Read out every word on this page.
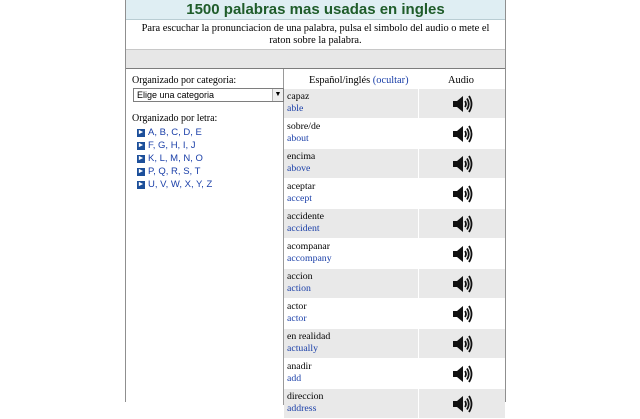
1500 palabras mas usadas en ingles
Para escuchar la pronunciacion de una palabra, pulsa el simbolo del audio o mete el raton sobre la palabra.
Organizado por categoria:
Elige una categoria	▼
Organizado por letra:
► A, B, C, D, E
► F, G, H, I, J
► K, L, M, N, O
► P, Q, R, S, T
► U, V, W, X, Y, Z
Español/inglés (ocultar)	Audio
capaz
able
sobre/de
about
encima
above
aceptar
accept
accidente
accident
acompanar
accompany
accion
action
actor
actor
en realidad
actually
anadir
add
direccion
address
